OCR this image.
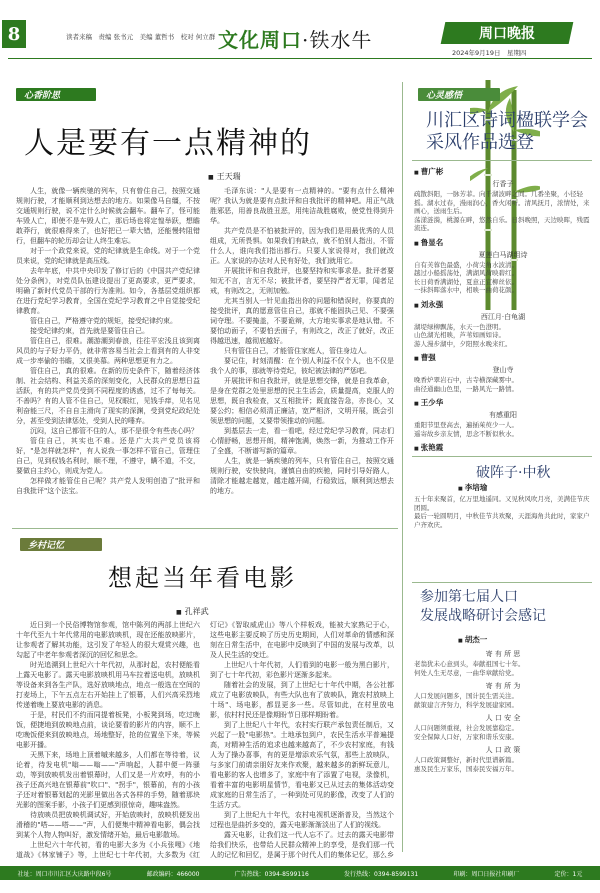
8	读者来稿　责编 张书元　美编 董哲书　校对 何立群 文化周口·铁水牛	周口晚报
2024年9月19日　星期四
心香阶思
人是要有一点精神的
■ 王天瑞

人生，就像一辆疾驰的列车，只有曾住自己，按照交通规则行驶，才能顺利到达想去的地方。如果像马自缰，不按交通规则行驶，说不定什么时候就会翻车。翻车了，怪可能车毁人亡，即使不是车毁人亡，那后场也将定惶举跃，想瞻敢莽行，就很难得来了，也好把已一辈大错，还能慢转阻错行，但翻车的轮历却会让人终生难忘。

对于一个政党来说，党的纪律就是生命线。对于一个党员来说，党的纪律就是高压线。

去年年底，中共中央印发了修订后的《中国共产党纪律处分条例》，对党员队伍建设提出了更高要求，更严要求，明确了新时代党员干部的行为准则。如今，各基层党组织都在进行党纪学习教育，全国在党纪学习教育之中自觉接受纪律教育。

管住自己，严格遵守党的规矩，接受纪律约束。

接受纪律约束，首先就是要管住自己。

管住自己，很难。潮游潮到春浪，往往平宏浅且该到离风员的与子好力平仍，就非常容易当社会上看到有的人非变成一步率偷的书瞻，又很美慕。两种思想更有力之。

管住自己，真的很难。在新的历史条件下，随着经济体制、社会结构、利益关系的深刻变化，人民群众的思想日益活跃，有的共产党员受到不同程度的诱惑，过不了每每关。不善吗？有的人管不住自己，见权眼红，见钱手痒，见名见利奋能三尺，不自自主滑向了现实的深渊，受到党纪政纪处分，甚至受到法律惩处，受到人民的唾弃。

沉闷，这自己都管不住的人，那不是很令有些丧心吗？

管住自己，其实也不难。还是广大共产党员该将好，"是怎样就怎样"，有人说我一事怎样不管自己，管理住自己，见到权钱名利时，顺不理，不遵守，瞒不道，不交，要做自主约心，则成为党人。

怎样做才能管住自己呢？共产党人发明创造了"批评和自我批评"这个法宝。

毛泽东说："人是要有一点精神的。"要有点什么精神呢？我认为就是要有点批评和自我批评的精神吧。用正气战胜邪恶，用善良战胜丑恶，用纯洁战胜腐败，使党性得到升华。

共产党员是不怕被批评的，因为我们是用最优秀的人员组成，无所畏惧。如果我们有缺点，就不怕别人指出，不管什么人，谁向我们指出都行。只要人家说得对，我们就改正。人家说的办法对人民有好处，我们就用它。

开展批评和自我批评，也要坚持和实事求是。批评者要知无不言，言无不尽；被批评者，要坚持严者无罪，闻者足戒，有则改之，无则加勉。

尤其当别人一针见血指出你的问题和错误时，你要真的接受批评，真的愿意管住自己，那就不能固执己见、不要强词夺理。不要掩盖，不要诡辩，大方地实事求是地认错。不要怕动面子，不要怕丢面子，有则改之，改正了就好，改正得越迅速，越彻底越好。

只有管住自己，才能管住家庭人，管住身边人。

要记住，时刻清醒：在个别人利益不仅个人，也不仅是我个人的事，那就等待党纪，彼纪被法律的严惩吧。

开展批评和自我批评，就是思想交锋，就是自我革命，是身在党群之处里思想的民主生活会，质量提高，克服人的思想，既自我检查，又互相批评；既直接告急，亦良心，又要公约；相信必须清正廉洁，宽严相济，文明开展，既会引领思想的问题，又要带领推动的问题。

到基层去一走，看一看吧，经过党纪学习教育，同志们心情舒畅，思想开朗，精神饱满，焕然一新，为推动工作开了全盛，不断谱写新的篇章。

人生，就是一辆疾驰的列车，只有管住自己，按照交通规则行驶，安快驶向，谨慎自由的疾驰，同时引导好路人，清除才能越走越宽，越走越开阔，行稳致远，顺利到达想去的地方。

乡村记忆
想起当年看电影
■ 孔祥武

近日到一个民俗博物馆参观，馆中陈列的两部上世纪六十年代至九十年代常用的电影放映机，现在还能放映影片，让参观者了解其功能，这引发了年轻人的很大观赏兴趣，也勾起了中老年参观者深沉的回忆和思念。

时光追溯到上世纪六十年代初，从那时起，农村便能看上露天电影了。露天电影放映机用马车拉着送电机，放映机等设备来到各生产队，选好放映地点，地点一般选在空间的打麦场上，下午五点左右开始挂上了银幕，人们兴高采烈地传递着晚上要放电影的消息。

于是，村民们不约而同提着板凳，小板凳到场，吃过晚饭，便捷地到放映地点前，谈论要看的影片的内容，顺不上吃晚饭便来到放映地点，场地整好，抢的位置坐下来，等候电影开播。

天黑下来，场地上顶着嘁来越多，人们都在等待着，议论着，待发电机"嗡——嗡——"声响起，人群中便一阵骚动，等到放映机发出着银幕时，人们又是一片欢呼，有的小孩子还高兴地在银幕前"吹口"、"拐手"，银幕前，有的小孩子还对着银幕划起的光影里做出各式各样的手势，随着那块光影的图案手影，小孩子们更感到很惊奇，趣味盎然。

待放映员把放映机调试好，开始放映时，放映机便发出滑稽的"嗒——嗒——"声，人们便集中精神看电影，偶会找到某个人物人物叫好，激发情绪开始，最后电影散场。

上世纪六十年代初，看的电影大多为《小兵张嘎》《地道战》《林家铺子》等，上世纪七十年代初，大多数为《红灯记》《智取威虎山》等八个样板戏，能被大家熟记于心，这些电影主要反映了历史历史期间，人们对革命的情感和深刻在日常生活中，在电影中反映到了中国的发展与改革，以及人民生活的变迁。

上世纪八十年代初，人们看到的电影一般为黑白影片，到了七十年代初，彩色影片逐渐多起来。

随着社会的发展，到了上世纪七十年代中期，各公社都成立了电影放映队，有些大队也有了放映队，跑农村放映上十场"、场电影，都显更多一些。尽管如此，在村里放电影，依村村民还是像期盼节日那样期盼着。

到了上世纪八十年代，农村实行联产承包责任制后，又兴起了一股"电影热"。土地承包到户，农民生活水平普遍提高，对精神生活的追求也越来越高了，不少农村家庭，有钱人为了操办喜事，有的更是增添欢乐气氛，那些上放映队，与多家门前请亲朋好友来作欢聚，越来越多的新鲜玩意儿，看电影的客人也增多了，家庭中有了添置了电视，录像机，看着丰富的电影明星情节，看电影又已从过去的集体活动变成家庭的日常生活了，一种到处可见的影像，改变了人们的生活方式。

到了上世纪九十年代，农村电视机逐渐普及，当然这个过程也是曲折多变的，露天电影渐渐淡出了人们的视线。

露天电影，让我们这一代人忘不了。过去的露天电影带给我们快乐，也带给人民群众精神上的享受，是我们那一代人的记忆和回忆，是属于那个时代人们的集体记忆，那么乡

心灵感悟
川汇区诗词楹联学会
采风作品选登
■ 曹广彬
行香子
疏散斜阳，一脉芳菲。向千湖波畔之间。几番坐聚，小径轻摇。湖水过春，漫雨润心，香火闲听。清风抚月，浓情处，来画心，送雨生后。
荡漾涟漪，桃源在畔，悠然自乐。日斜晚照，天边映晖，残霞流连。
■ 鲁显名
夏莲白马湖组诗
自有芙蓉色最盛，小荷尖角水波清。
越过小船摇荡处，满湖风荷映碧红。
长日荷香满湖处，夏意正宜柳丝依。
一抹斜晖落水中，相映一曲荷花颜。
■ 刘永强
西江月·白龟湖
湖堤绿柳飘荡，水天一色澄明。
山色湖光相映，芦苇如画如诗。
游人漫步湖中，夕阳照水晚来红。
■ 曹强
登山寺
晚香炉翠岩石中，古寺横深藏雾中。
曲径通幽山色里，一路风光一路情。
■ 王少华
有感重阳
重阳节里登高去，遍插茱萸少一人。
遥寄故乡亲友情，思念不断似秋水。
■ 张艳霞
破阵子·中秋
■ 李培瑜
五十年来聚首，亿万里地遥同。又见秋风吹月亮，美满佳节庆团圆。
最后一轮圆明月，中秋佳节共欢聚，天涯海角共此时，家家户户齐欢庆。
参加第七届人口
发展战略研讨会感记
■ 胡杰一
寄 有 所 思
老翁犹未心意到头，奉献祖国七十年。
何处人生无尽意，一曲华章献给党。
寄 有 所 为
人口发展问题多，国计民生需关注。
献策建言齐努力，科学发展建家园。
人 口 安 全
人口问题须重视，社会发展靠稳定。
安全保障人口好，万家和谐乐安康。
人 口 政 策
人口政策调整好，新时代里谱新篇。
惠及民生万家乐，国泰民安福万年。
社址：周口市川汇区大庆路中段6号	邮政编码：466000	广告热线：0394-8599116	发行热线：0394-8599131	印刷：周口日报社印刷厂	定价：1元
